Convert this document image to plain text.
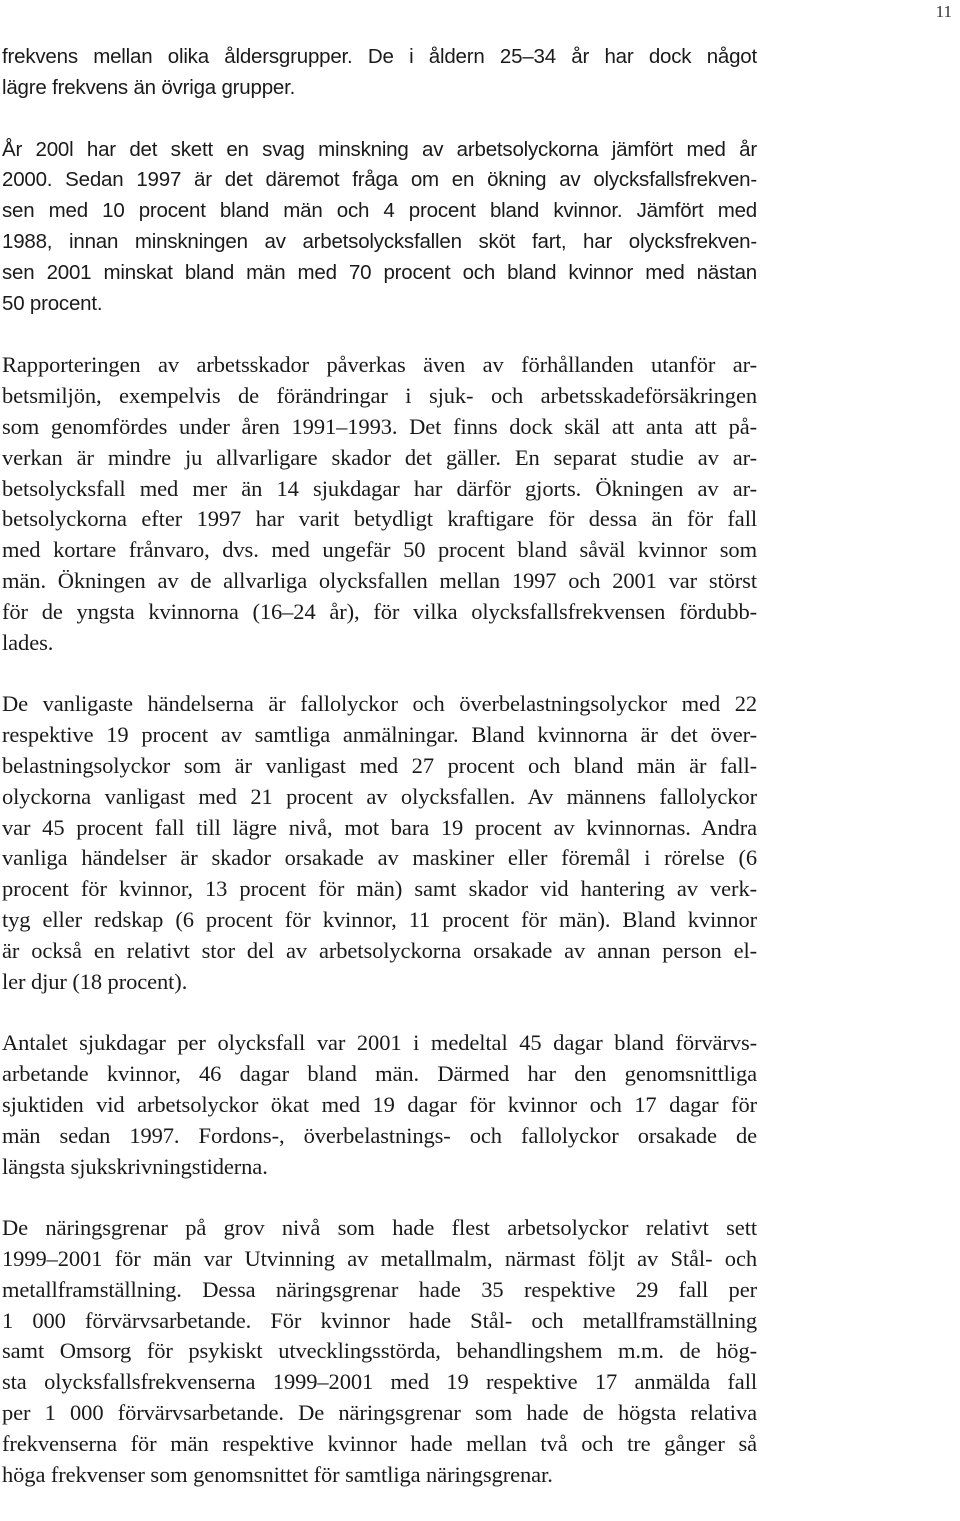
11
frekvens mellan olika åldersgrupper. De i åldern 25–34 år har dock något
lägre frekvens än övriga grupper.
År 200l har det skett en svag minskning av arbetsolyckorna jämfört med år
2000. Sedan 1997 är det däremot fråga om en ökning av olycksfallsfrekven-
sen med 10 procent bland män och 4 procent bland kvinnor. Jämfört med
1988, innan minskningen av arbetsolycksfallen sköt fart, har olycksfrekven-
sen 2001 minskat bland män med 70 procent och bland kvinnor med nästan
50 procent.
Rapporteringen av arbetsskador påverkas även av förhållanden utanför ar-
betsmiljön, exempelvis de förändringar i sjuk- och arbetsskadeförsäkringen
som genomfördes under åren 1991–1993. Det finns dock skäl att anta att på-
verkan är mindre ju allvarligare skador det gäller. En separat studie av ar-
betsolycksfall med mer än 14 sjukdagar har därför gjorts. Ökningen av ar-
betsolyckorna efter 1997 har varit betydligt kraftigare för dessa än för fall
med kortare frånvaro, dvs. med ungefär 50 procent bland såväl kvinnor som
män. Ökningen av de allvarliga olycksfallen mellan 1997 och 2001 var störst
för de yngsta kvinnorna (16–24 år), för vilka olycksfallsfrekvensen fördubb-
lades.
De vanligaste händelserna är fallolyckor och överbelastningsolyckor med 22
respektive 19 procent av samtliga anmälningar. Bland kvinnorna är det över-
belastningsolyckor som är vanligast med 27 procent och bland män är fall-
olyckorna vanligast med 21 procent av olycksfallen. Av männens fallolyckor
var 45 procent fall till lägre nivå, mot bara 19 procent av kvinnornas. Andra
vanliga händelser är skador orsakade av maskiner eller föremål i rörelse (6
procent för kvinnor, 13 procent för män) samt skador vid hantering av verk-
tyg eller redskap (6 procent för kvinnor, 11 procent för män). Bland kvinnor
är också en relativt stor del av arbetsolyckorna orsakade av annan person el-
ler djur (18 procent).
Antalet sjukdagar per olycksfall var 2001 i medeltal 45 dagar bland förvärvs-
arbetande kvinnor, 46 dagar bland män. Därmed har den genomsnittliga
sjuktiden vid arbetsolyckor ökat med 19 dagar för kvinnor och 17 dagar för
män sedan 1997. Fordons-, överbelastnings- och fallolyckor orsakade de
längsta sjukskrivningstiderna.
De näringsgrenar på grov nivå som hade flest arbetsolyckor relativt sett
1999–2001 för män var Utvinning av metallmalm, närmast följt av Stål- och
metallframställning. Dessa näringsgrenar hade 35 respektive 29 fall per
1 000 förvärvsarbetande. För kvinnor hade Stål- och metallframställning
samt Omsorg för psykiskt utvecklingsstörda, behandlingshem m.m. de hög-
sta olycksfallsfrekvenserna 1999–2001 med 19 respektive 17 anmälda fall
per 1 000 förvärvsarbetande. De näringsgrenar som hade de högsta relativa
frekvenserna för män respektive kvinnor hade mellan två och tre gånger så
höga frekvenser som genomsnittet för samtliga näringsgrenar.
